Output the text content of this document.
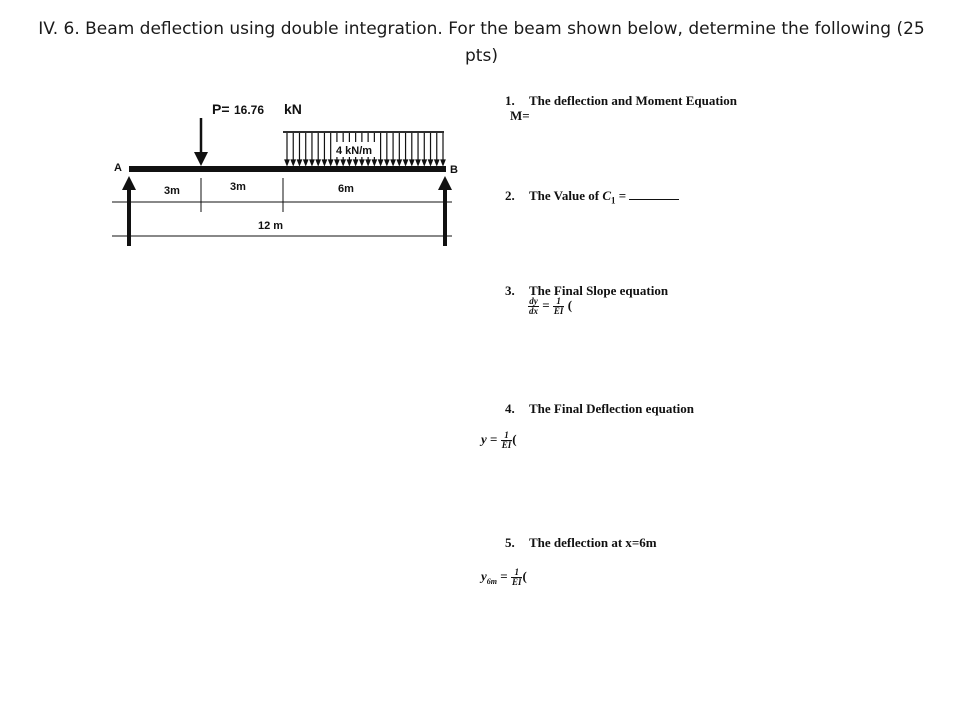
IV. 6. Beam deflection using double integration. For the beam shown below, determine the following (25
pts)
P= 16.76 kN
4 kN/m
A	B
3m	3m	6m
12 m
1. The deflection and Moment Equation
M=
2. The Value of $C_1$ =
3. The Final Slope equation
$\frac{dy}{dx} = \frac{1}{EI}$ (
4. The Final Deflection equation
$y = \frac{1}{EI}$ (
5. The deflection at x=6m
$y_{6m} = \frac{1}{EI}$ (
